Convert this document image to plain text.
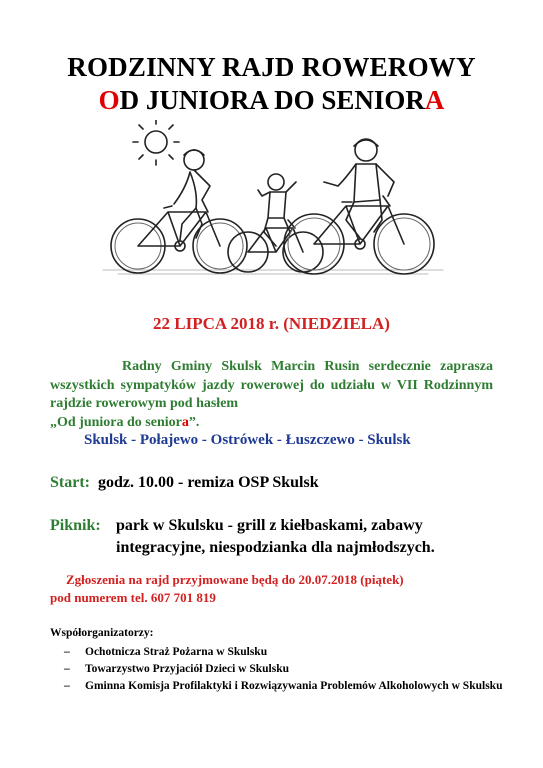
RODZINNY RAJD ROWEROWY
OD JUNIORA DO SENIORA
22 LIPCA 2018 r. (NIEDZIELA)
Radny Gminy Skulsk Marcin Rusin serdecznie zaprasza wszystkich sympatyków jazdy rowerowej do udziału w VII Rodzinnym rajdzie rowerowym pod hasłem
„Od juniora do seniora”.
Skulsk - Połajewo - Ostrówek - Łuszczewo - Skulsk
Start: godz. 10.00 - remiza OSP Skulsk
Piknik: park w Skulsku - grill z kiełbaskami, zabawy
integracyjne, niespodzianka dla najmłodszych.
Zgłoszenia na rajd przyjmowane będą do 20.07.2018 (piątek)
pod numerem tel. 607 701 819
Współorganizatorzy:
– Ochotnicza Straż Pożarna w Skulsku
– Towarzystwo Przyjaciół Dzieci w Skulsku
– Gminna Komisja Profilaktyki i Rozwiązywania Problemów Alkoholowych w Skulsku
